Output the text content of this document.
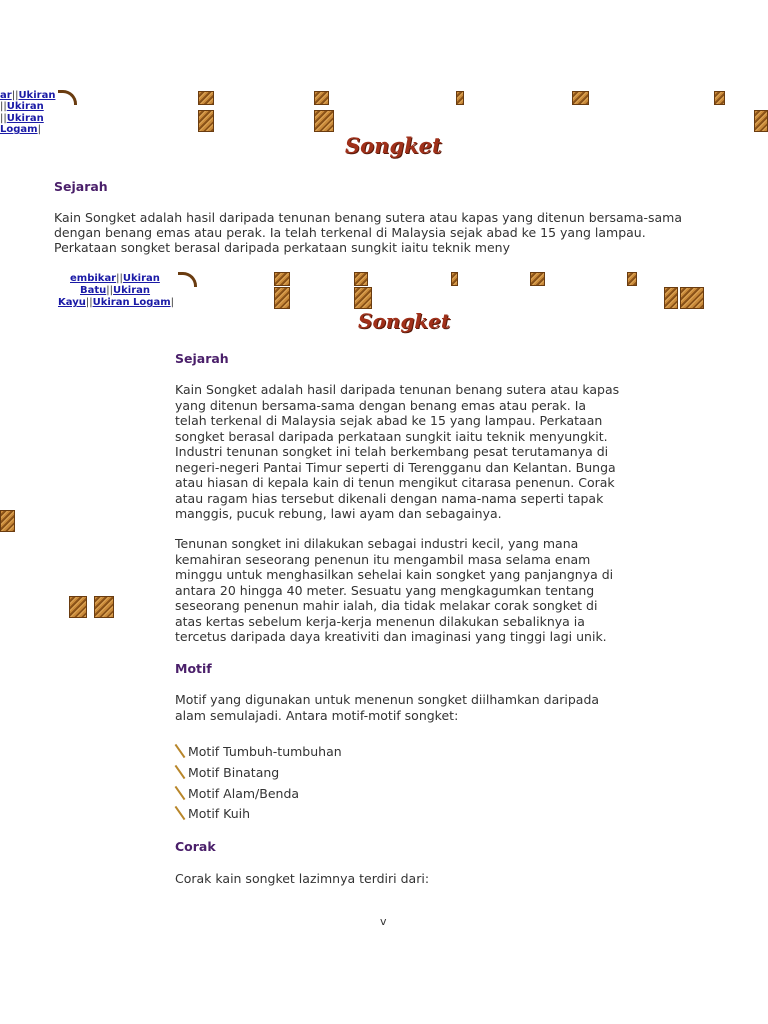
ar||Ukiran
||Ukiran
||Ukiran
Logam|
Songket
Sejarah
Kain Songket adalah hasil daripada tenunan benang sutera atau kapas yang ditenun bersama-sama
dengan benang emas atau perak. Ia telah terkenal di Malaysia sejak abad ke 15 yang lampau.
Perkataan songket berasal daripada perkataan sungkit iaitu teknik meny
embikar||Ukiran
Batu||Ukiran
Kayu||Ukiran Logam|
Songket
Sejarah
Kain Songket adalah hasil daripada tenunan benang sutera atau kapas
yang ditenun bersama-sama dengan benang emas atau perak. Ia
telah terkenal di Malaysia sejak abad ke 15 yang lampau. Perkataan
songket berasal daripada perkataan sungkit iaitu teknik menyungkit.
Industri tenunan songket ini telah berkembang pesat terutamanya di
negeri-negeri Pantai Timur seperti di Terengganu dan Kelantan. Bunga
atau hiasan di kepala kain di tenun mengikut citarasa penenun. Corak
atau ragam hias tersebut dikenali dengan nama-nama seperti tapak
manggis, pucuk rebung, lawi ayam dan sebagainya.
Tenunan songket ini dilakukan sebagai industri kecil, yang mana
kemahiran seseorang penenun itu mengambil masa selama enam
minggu untuk menghasilkan sehelai kain songket yang panjangnya di
antara 20 hingga 40 meter. Sesuatu yang mengkagumkan tentang
seseorang penenun mahir ialah, dia tidak melakar corak songket di
atas kertas sebelum kerja-kerja menenun dilakukan sebaliknya ia
tercetus daripada daya kreativiti dan imaginasi yang tinggi lagi unik.
Motif
Motif yang digunakan untuk menenun songket diilhamkan daripada
alam semulajadi. Antara motif-motif songket:
Motif Tumbuh-tumbuhan
Motif Binatang
Motif Alam/Benda
Motif Kuih
Corak
Corak kain songket lazimnya terdiri dari:
v
